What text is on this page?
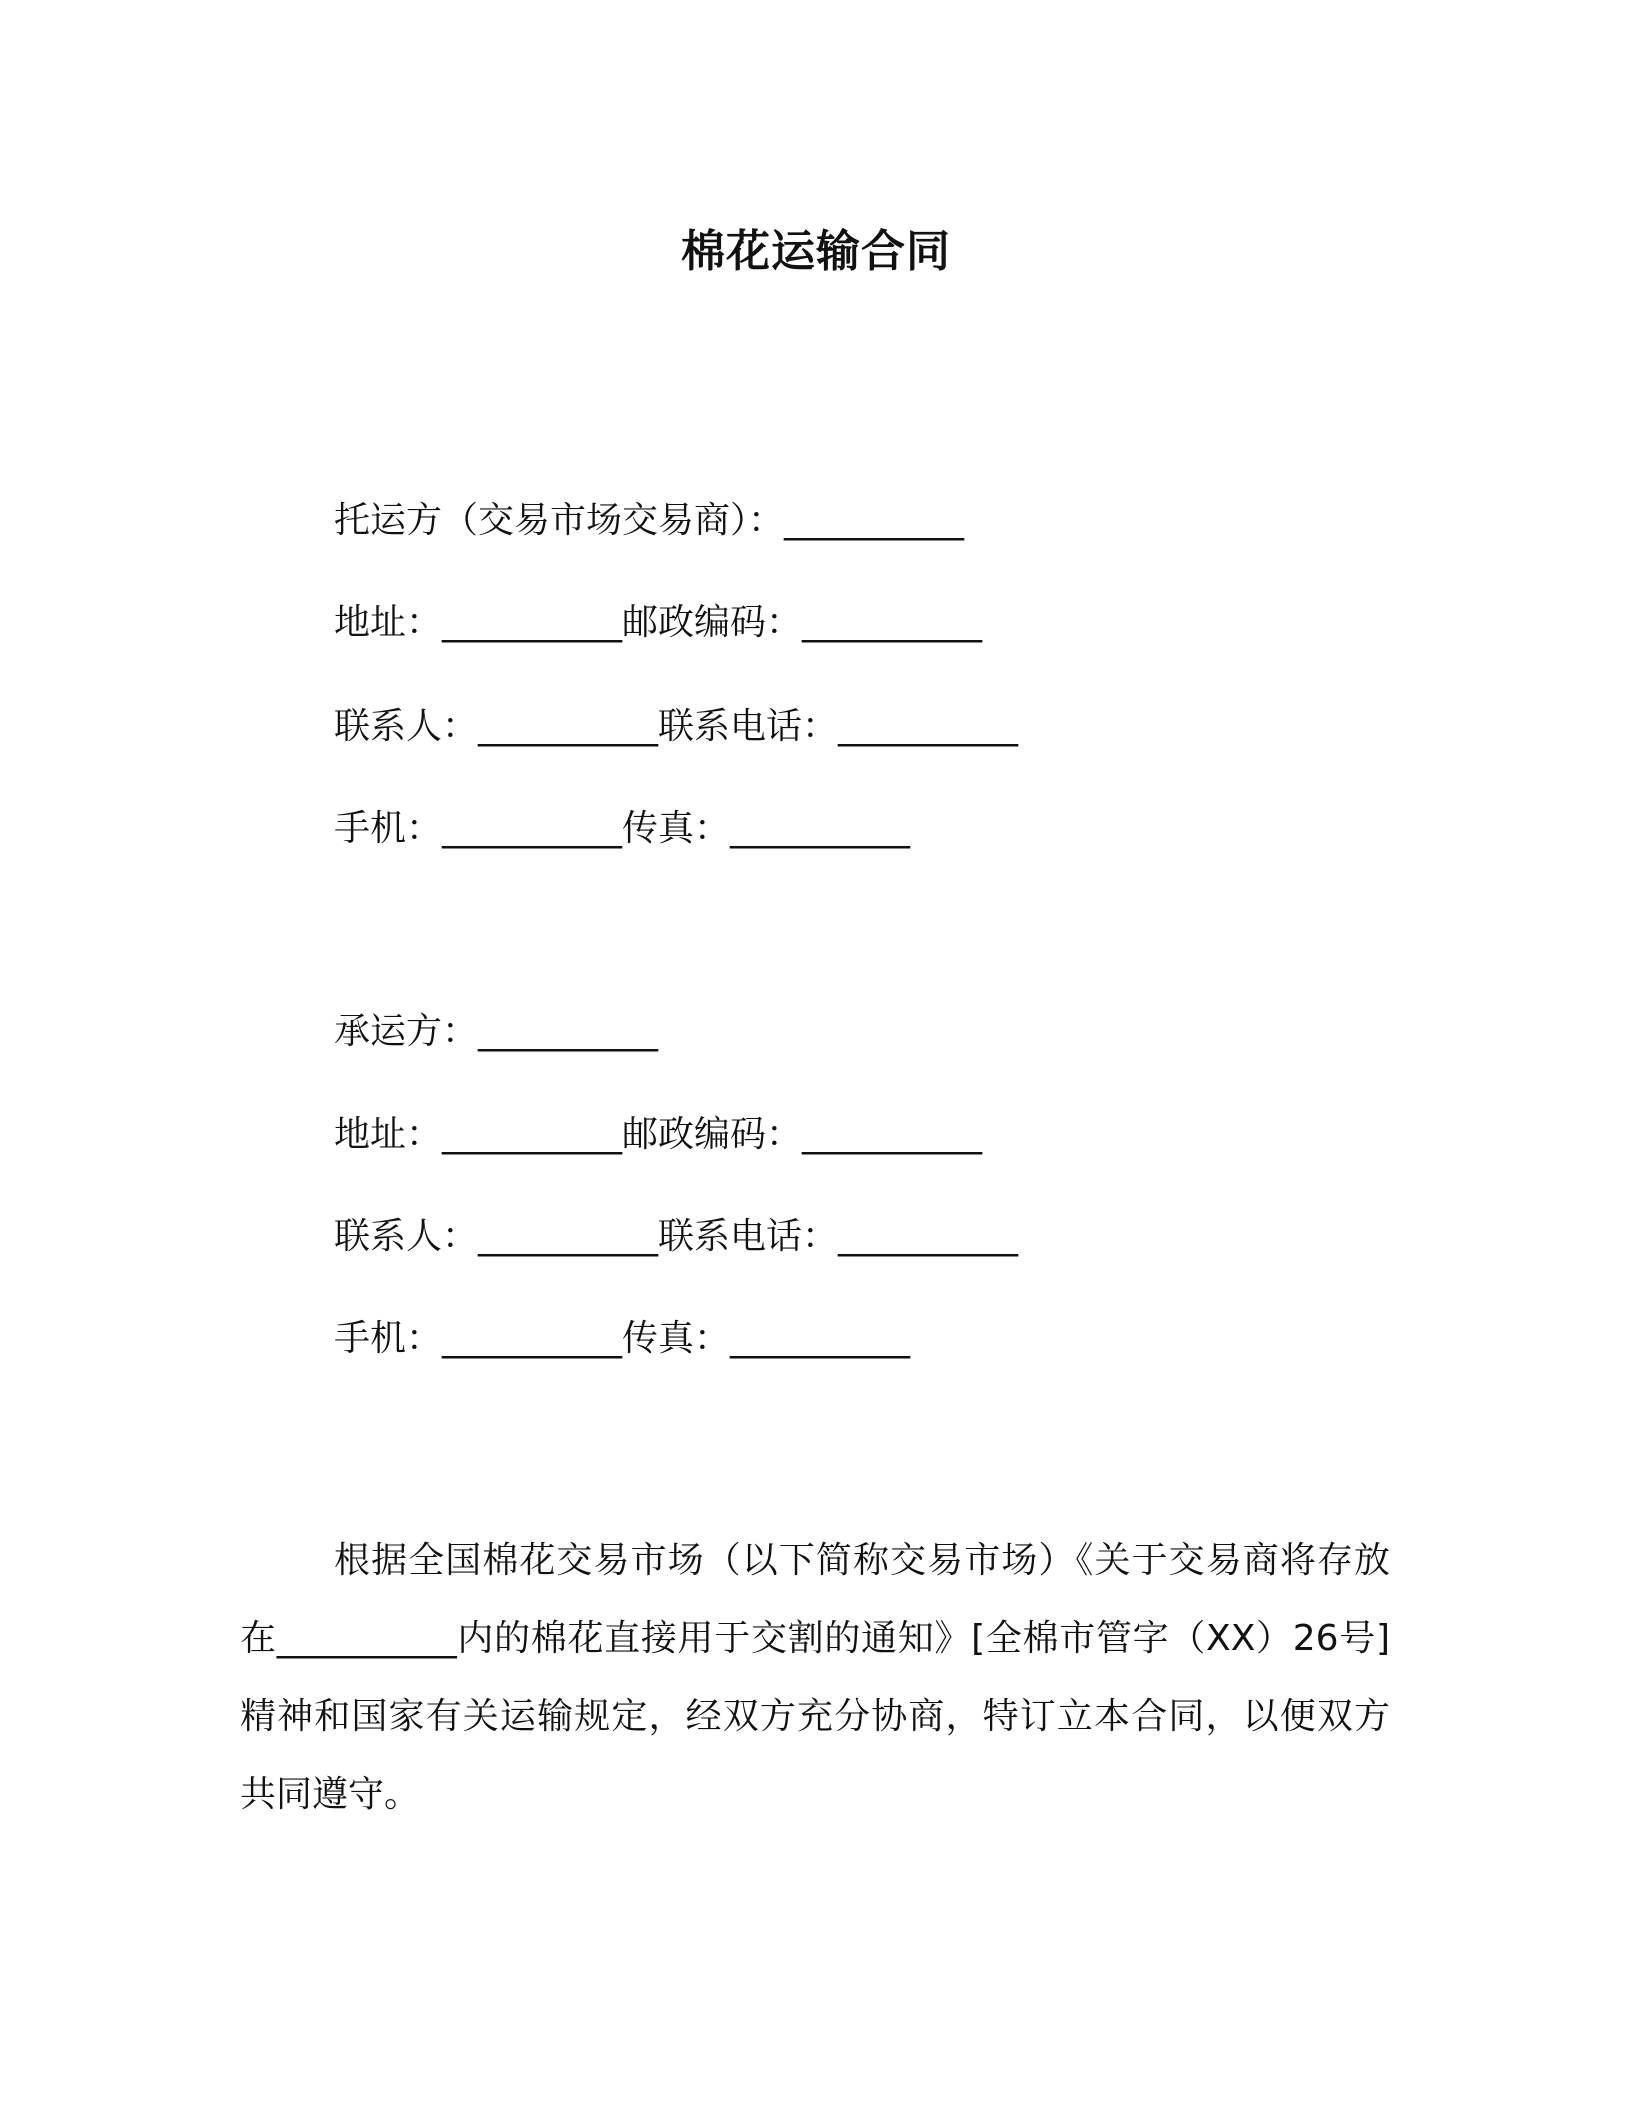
棉花运输合同
托运方（交易市场交易商）：__________
地址：__________邮政编码：__________
联系人：__________联系电话：__________
手机：__________传真：__________
承运方：__________
地址：__________邮政编码：__________
联系人：__________联系电话：__________
手机：__________传真：__________
根据全国棉花交易市场（以下简称交易市场）《关于交易商将存放在__________内的棉花直接用于交割的通知》[全棉市管字（XX）26号]精神和国家有关运输规定，经双方充分协商，特订立本合同，以便双方共同遵守。
